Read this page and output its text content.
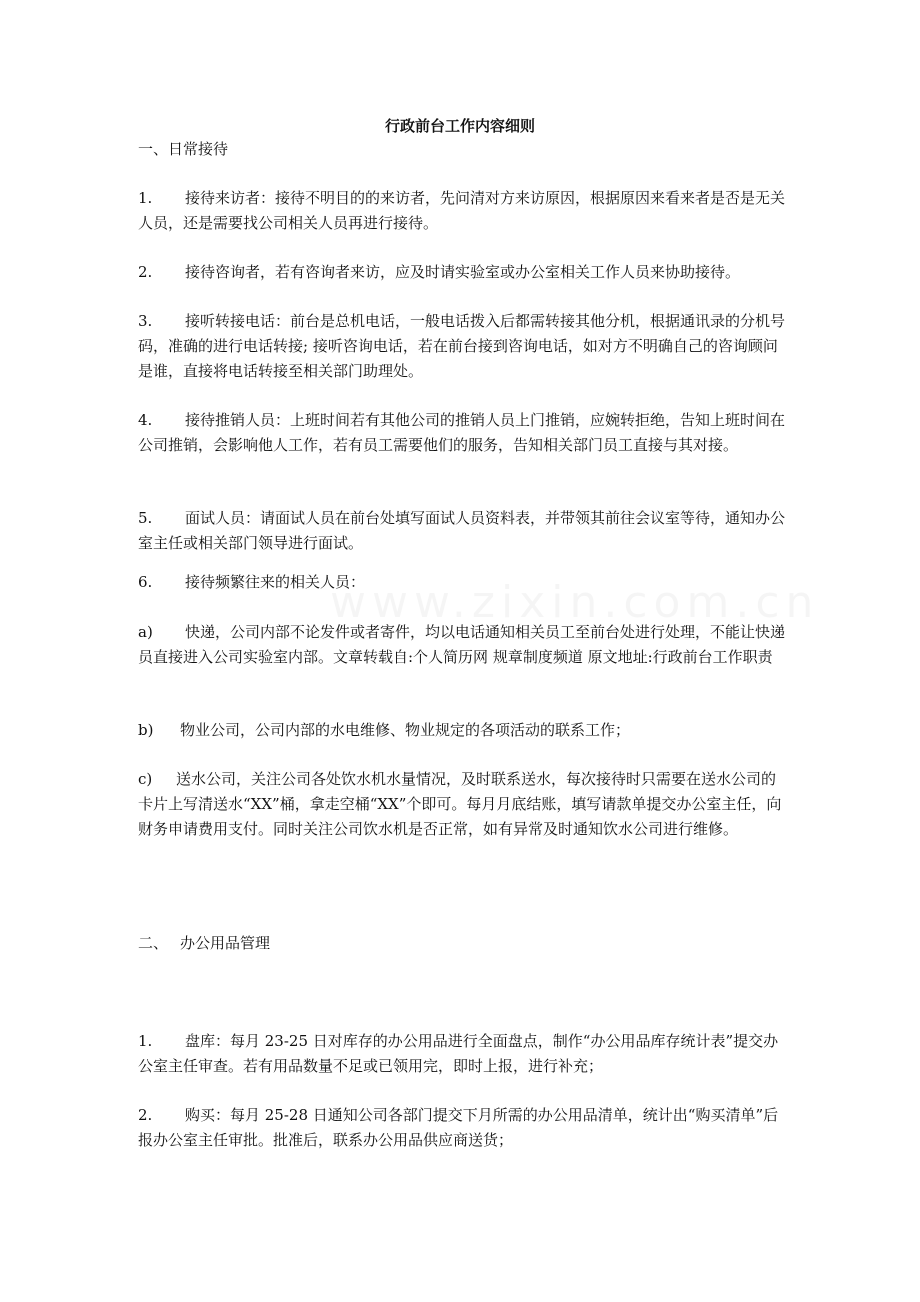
行政前台工作内容细则

一、日常接待

1. 接待来访者：接待不明目的的来访者，先问清对方来访原因，根据原因来看来者是否是无关人员，还是需要找公司相关人员再进行接待。

2. 接待咨询者，若有咨询者来访，应及时请实验室或办公室相关工作人员来协助接待。

3. 接听转接电话：前台是总机电话，一般电话拨入后都需转接其他分机，根据通讯录的分机号码，准确的进行电话转接; 接听咨询电话，若在前台接到咨询电话，如对方不明确自己的咨询顾问是谁，直接将电话转接至相关部门助理处。

4. 接待推销人员：上班时间若有其他公司的推销人员上门推销，应婉转拒绝，告知上班时间在公司推销，会影响他人工作，若有员工需要他们的服务，告知相关部门员工直接与其对接。

5. 面试人员：请面试人员在前台处填写面试人员资料表，并带领其前往会议室等待，通知办公室主任或相关部门领导进行面试。

6. 接待频繁往来的相关人员：

a) 快递，公司内部不论发件或者寄件，均以电话通知相关员工至前台处进行处理，不能让快递员直接进入公司实验室内部。文章转载自:个人简历网 规章制度频道 原文地址:行政前台工作职责

b) 物业公司，公司内部的水电维修、物业规定的各项活动的联系工作；

c) 送水公司，关注公司各处饮水机水量情况，及时联系送水，每次接待时只需要在送水公司的卡片上写清送水“XX”桶，拿走空桶“XX”个即可。每月月底结账，填写请款单提交办公室主任，向财务申请费用支付。同时关注公司饮水机是否正常，如有异常及时通知饮水公司进行维修。

二、 办公用品管理

1. 盘库：每月 23-25 日对库存的办公用品进行全面盘点，制作“办公用品库存统计表”提交办公室主任审查。若有用品数量不足或已领用完，即时上报，进行补充；

2. 购买：每月 25-28 日通知公司各部门提交下月所需的办公用品清单，统计出“购买清单”后报办公室主任审批。批准后，联系办公用品供应商送货；
